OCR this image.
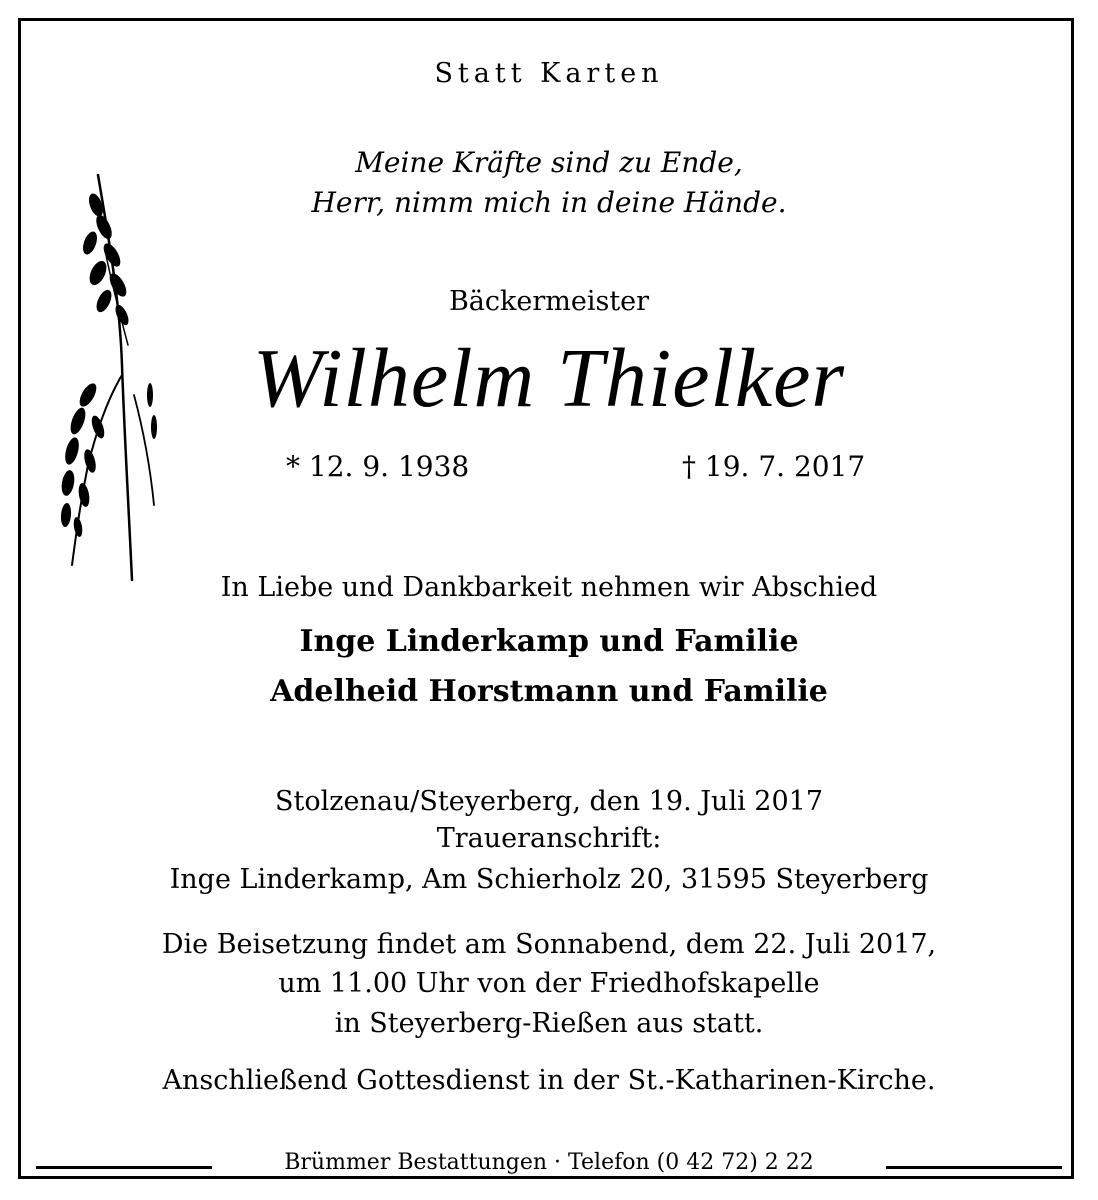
Statt Karten
Meine Kräfte sind zu Ende,
Herr, nimm mich in deine Hände.
Bäckermeister
Wilhelm Thielker
* 12. 9. 1938	† 19. 7. 2017
In Liebe und Dankbarkeit nehmen wir Abschied
Inge Linderkamp und Familie
Adelheid Horstmann und Familie
Stolzenau/Steyerberg, den 19. Juli 2017
Traueranschrift:
Inge Linderkamp, Am Schierholz 20, 31595 Steyerberg
Die Beisetzung findet am Sonnabend, dem 22. Juli 2017,
um 11.00 Uhr von der Friedhofskapelle
in Steyerberg-Rießen aus statt.
Anschließend Gottesdienst in der St.-Katharinen-Kirche.
Brümmer Bestattungen · Telefon (0 42 72) 2 22
